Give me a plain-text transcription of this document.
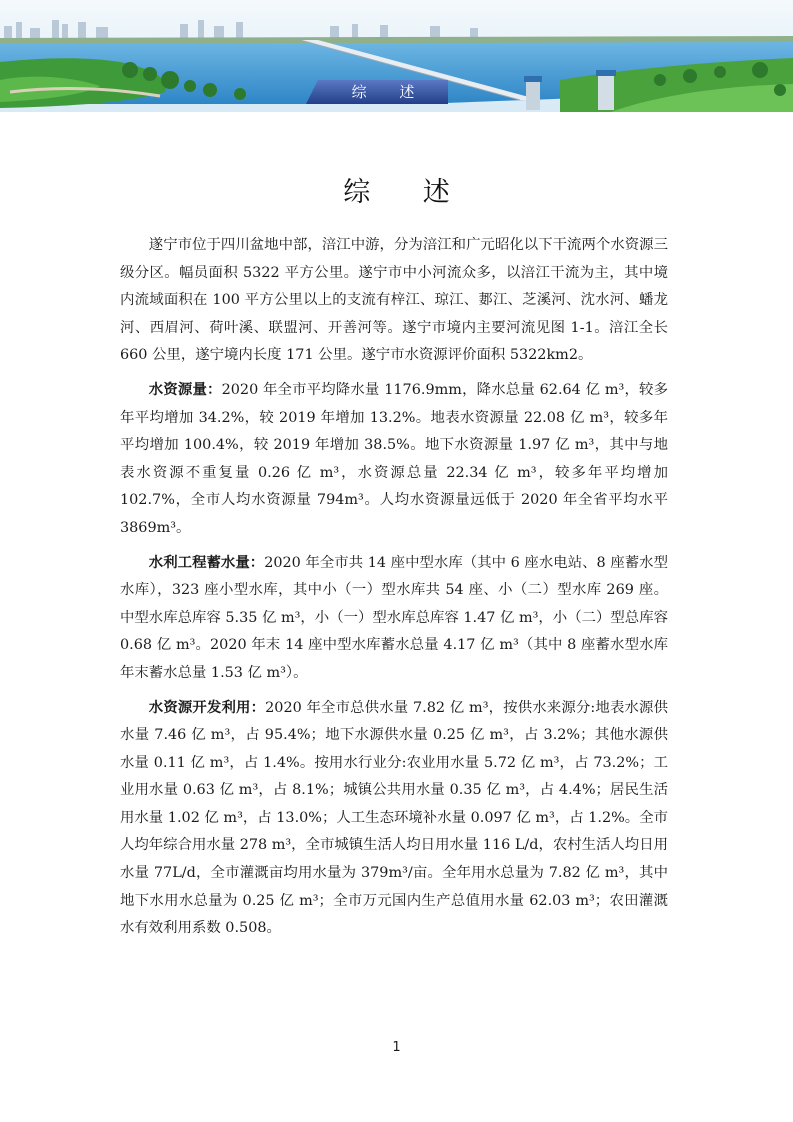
综 述
综 述

遂宁市位于四川盆地中部，涪江中游，分为涪江和广元昭化以下干流两个水资源三级分区。幅员面积 5322 平方公里。遂宁市中小河流众多，以涪江干流为主，其中境内流域面积在 100 平方公里以上的支流有梓江、琼江、郪江、芝溪河、沈水河、蟠龙河、西眉河、荷叶溪、联盟河、开善河等。遂宁市境内主要河流见图 1-1。涪江全长 660 公里，遂宁境内长度 171 公里。遂宁市水资源评价面积 5322km2。

水资源量：2020 年全市平均降水量 1176.9mm，降水总量 62.64 亿 m³，较多年平均增加 34.2%，较 2019 年增加 13.2%。地表水资源量 22.08 亿 m³，较多年平均增加 100.4%，较 2019 年增加 38.5%。地下水资源量 1.97 亿 m³，其中与地表水资源不重复量 0.26 亿 m³，水资源总量 22.34 亿 m³，较多年平均增加 102.7%，全市人均水资源量 794m³。人均水资源量远低于 2020 年全省平均水平 3869m³。

水利工程蓄水量：2020 年全市共 14 座中型水库（其中 6 座水电站、8 座蓄水型水库），323 座小型水库，其中小（一）型水库共 54 座、小（二）型水库 269 座。中型水库总库容 5.35 亿 m³，小（一）型水库总库容 1.47 亿 m³，小（二）型总库容 0.68 亿 m³。2020 年末 14 座中型水库蓄水总量 4.17 亿 m³（其中 8 座蓄水型水库年末蓄水总量 1.53 亿 m³）。

水资源开发利用：2020 年全市总供水量 7.82 亿 m³，按供水来源分:地表水源供水量 7.46 亿 m³，占 95.4%；地下水源供水量 0.25 亿 m³，占 3.2%；其他水源供水量 0.11 亿 m³，占 1.4%。按用水行业分:农业用水量 5.72 亿 m³，占 73.2%；工业用水量 0.63 亿 m³，占 8.1%；城镇公共用水量 0.35 亿 m³，占 4.4%；居民生活用水量 1.02 亿 m³，占 13.0%；人工生态环境补水量 0.097 亿 m³，占 1.2%。全市人均年综合用水量 278 m³，全市城镇生活人均日用水量 116 L/d，农村生活人均日用水量 77L/d，全市灌溉亩均用水量为 379m³/亩。全年用水总量为 7.82 亿 m³，其中地下水用水总量为 0.25 亿 m³；全市万元国内生产总值用水量 62.03 m³；农田灌溉水有效利用系数 0.508。

1
